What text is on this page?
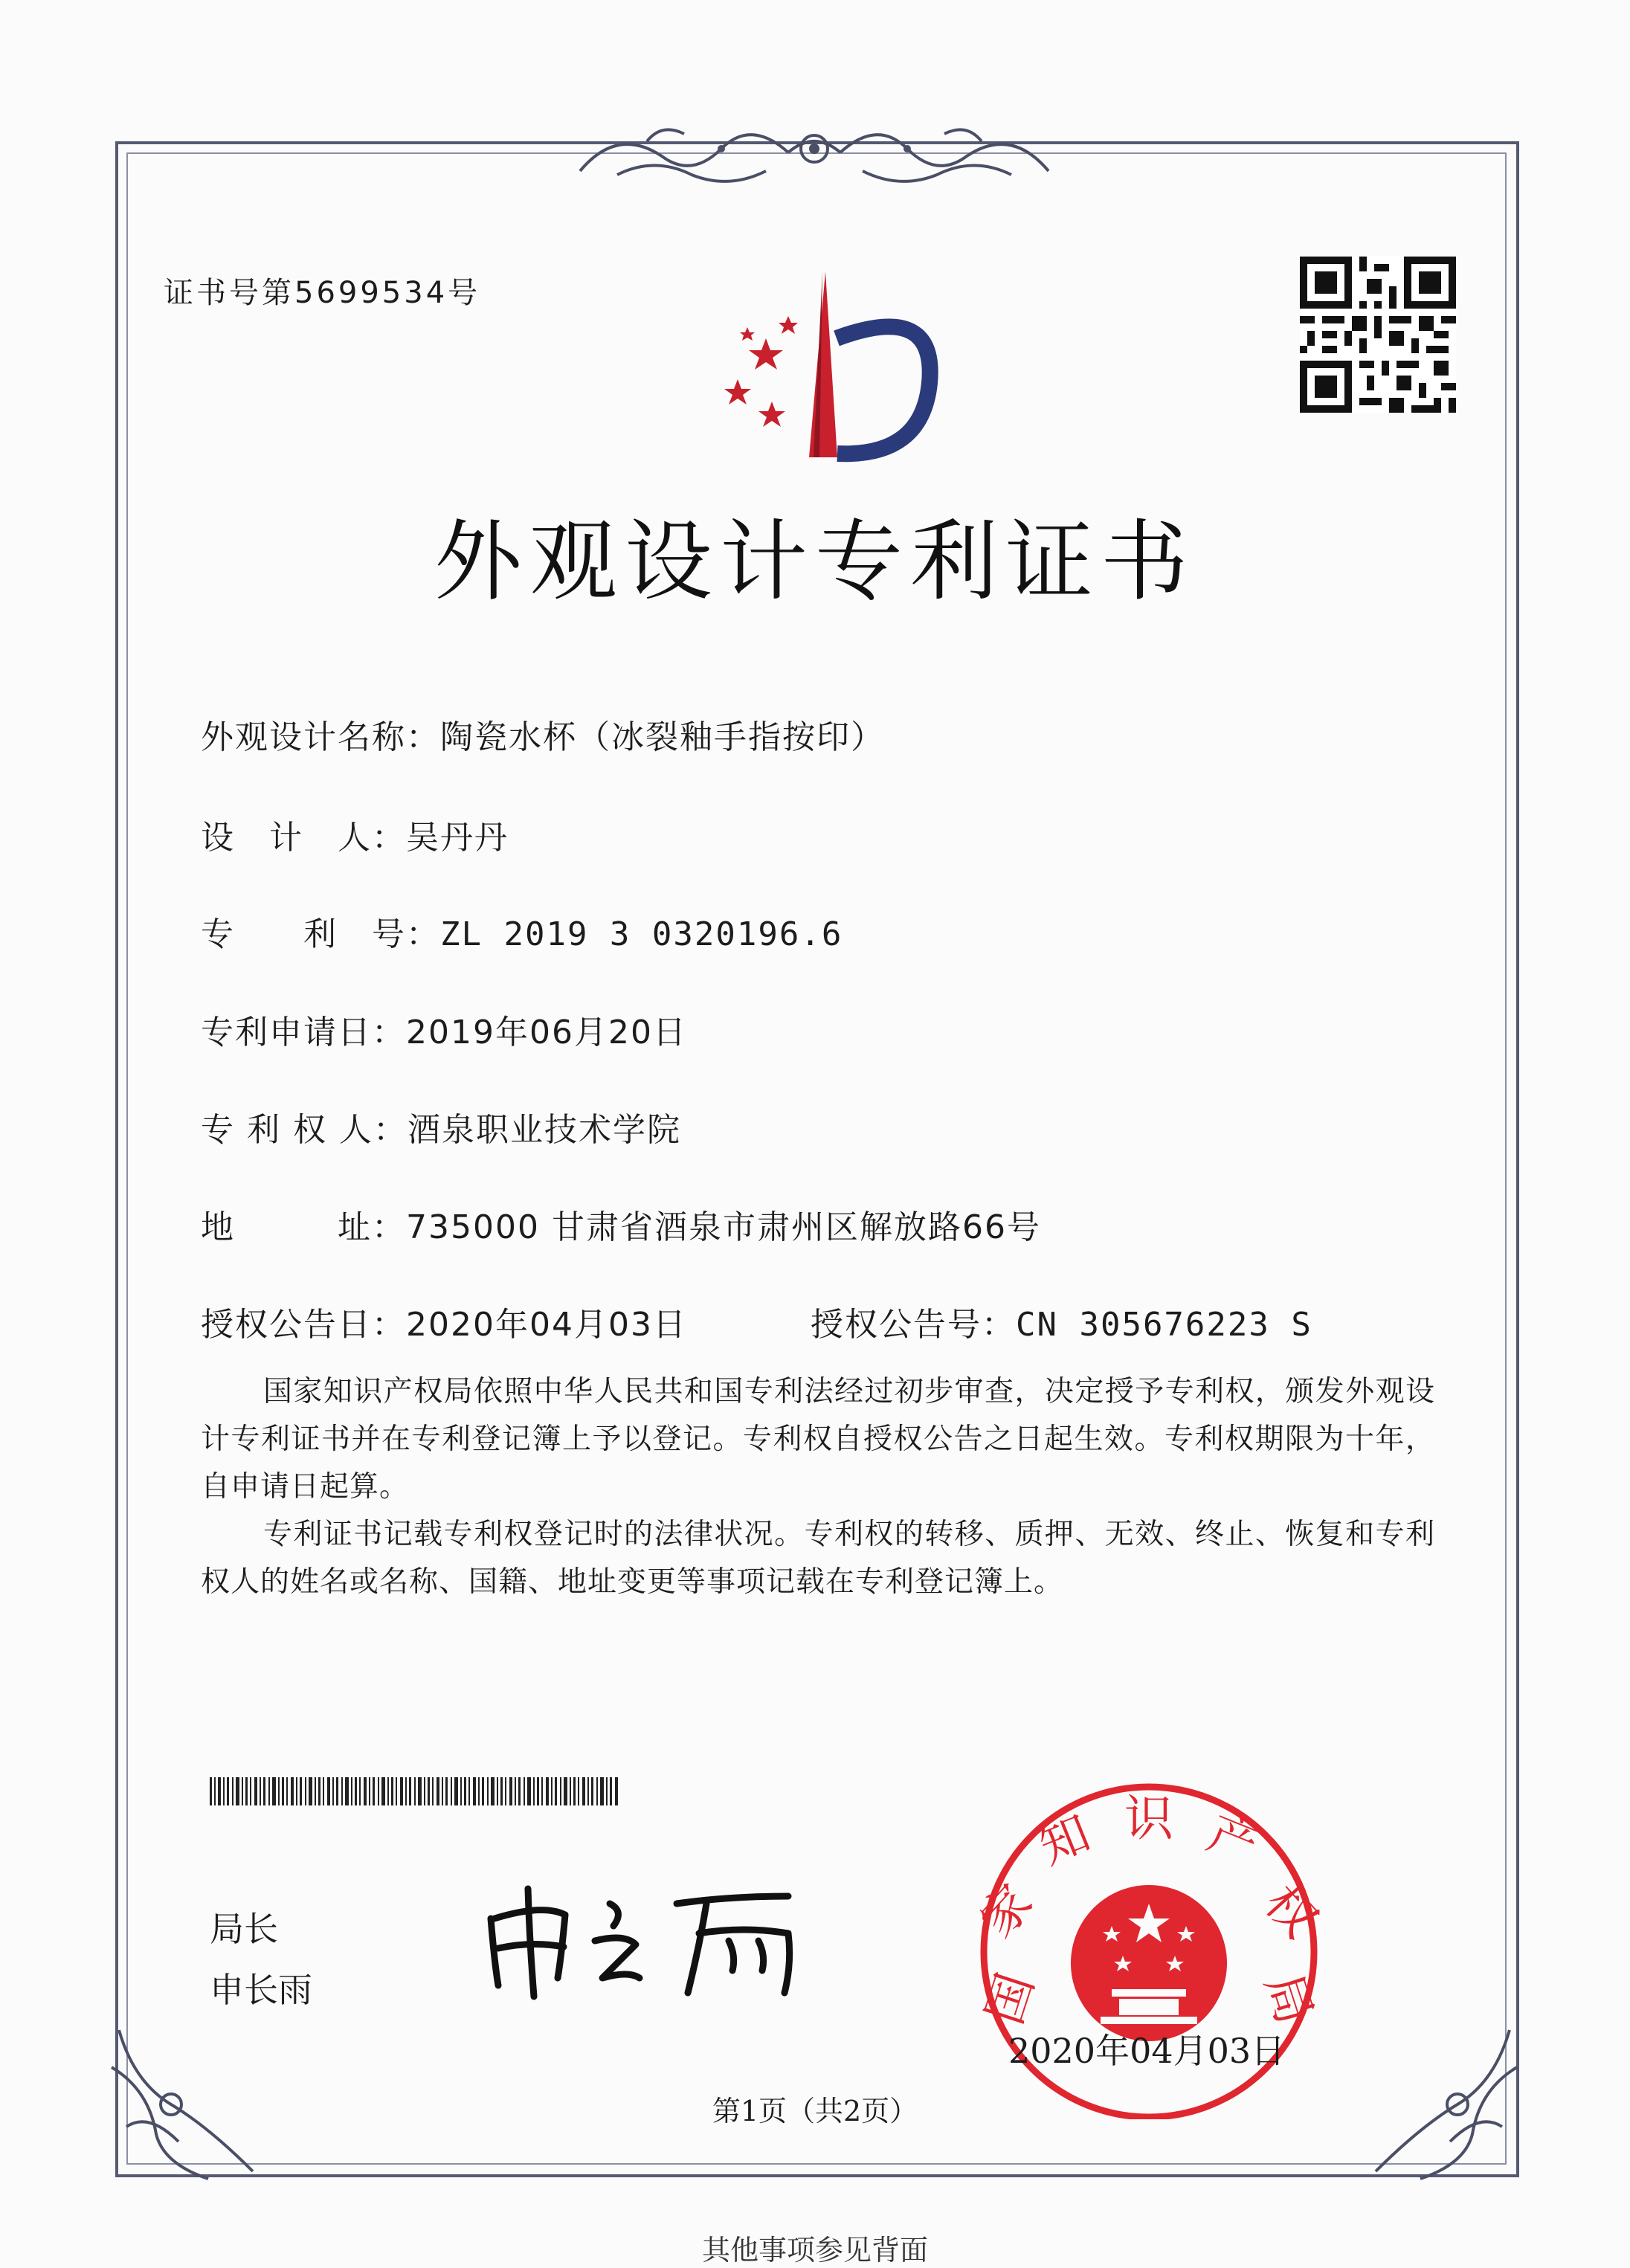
证书号第5699534号
外观设计专利证书
外观设计名称：陶瓷水杯（冰裂釉手指按印）
设　计　人：吴丹丹
专　　利　号：ZL 2019 3 0320196.6
专利申请日：2019年06月20日
专 利 权 人：酒泉职业技术学院
地　　　址：735000 甘肃省酒泉市肃州区解放路66号
授权公告日：2020年04月03日	授权公告号：CN 305676223 S
国家知识产权局依照中华人民共和国专利法经过初步审查，决定授予专利权，颁发外观设计专利证书并在专利登记簿上予以登记。专利权自授权公告之日起生效。专利权期限为十年，自申请日起算。
专利证书记载专利权登记时的法律状况。专利权的转移、质押、无效、终止、恢复和专利权人的姓名或名称、国籍、地址变更等事项记载在专利登记簿上。
局长
申长雨	国
家
知 识 产
权
局
2020年04月03日
第1页（共2页）
其他事项参见背面
